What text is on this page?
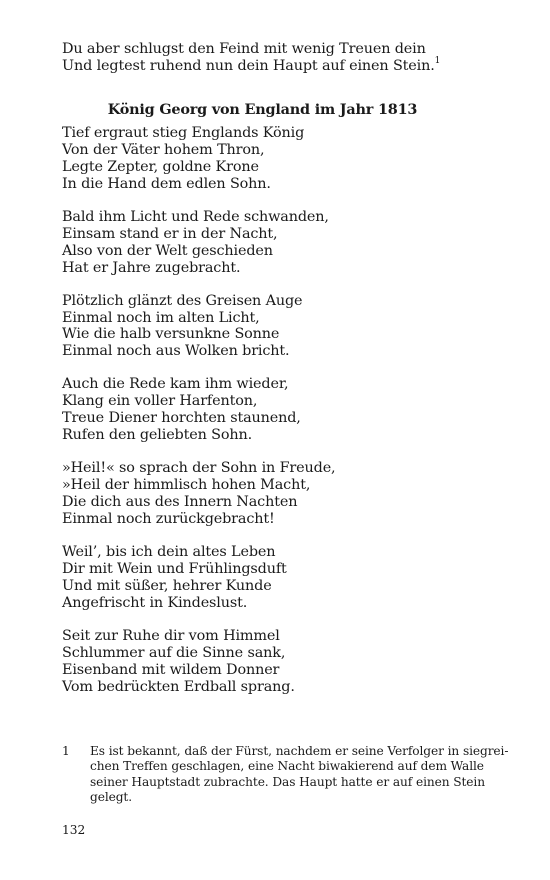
Du aber schlugst den Feind mit wenig Treuen dein
Und legtest ruhend nun dein Haupt auf einen Stein.$^1$
König Georg von England im Jahr 1813
Tief ergraut stieg Englands König
Von der Väter hohem Thron,
Legte Zepter, goldne Krone
In die Hand dem edlen Sohn.
Bald ihm Licht und Rede schwanden,
Einsam stand er in der Nacht,
Also von der Welt geschieden
Hat er Jahre zugebracht.
Plötzlich glänzt des Greisen Auge
Einmal noch im alten Licht,
Wie die halb versunkne Sonne
Einmal noch aus Wolken bricht.
Auch die Rede kam ihm wieder,
Klang ein voller Harfenton,
Treue Diener horchten staunend,
Rufen den geliebten Sohn.
»Heil!« so sprach der Sohn in Freude,
»Heil der himmlisch hohen Macht,
Die dich aus des Innern Nachten
Einmal noch zurückgebracht!
Weil’, bis ich dein altes Leben
Dir mit Wein und Frühlingsduft
Und mit süßer, hehrer Kunde
Angefrischt in Kindeslust.
Seit zur Ruhe dir vom Himmel
Schlummer auf die Sinne sank,
Eisenband mit wildem Donner
Vom bedrückten Erdball sprang.
1 Es ist bekannt, daß der Fürst, nachdem er seine Verfolger in siegrei-
chen Treffen geschlagen, eine Nacht biwakierend auf dem Walle
seiner Hauptstadt zubrachte. Das Haupt hatte er auf einen Stein
gelegt.
132
